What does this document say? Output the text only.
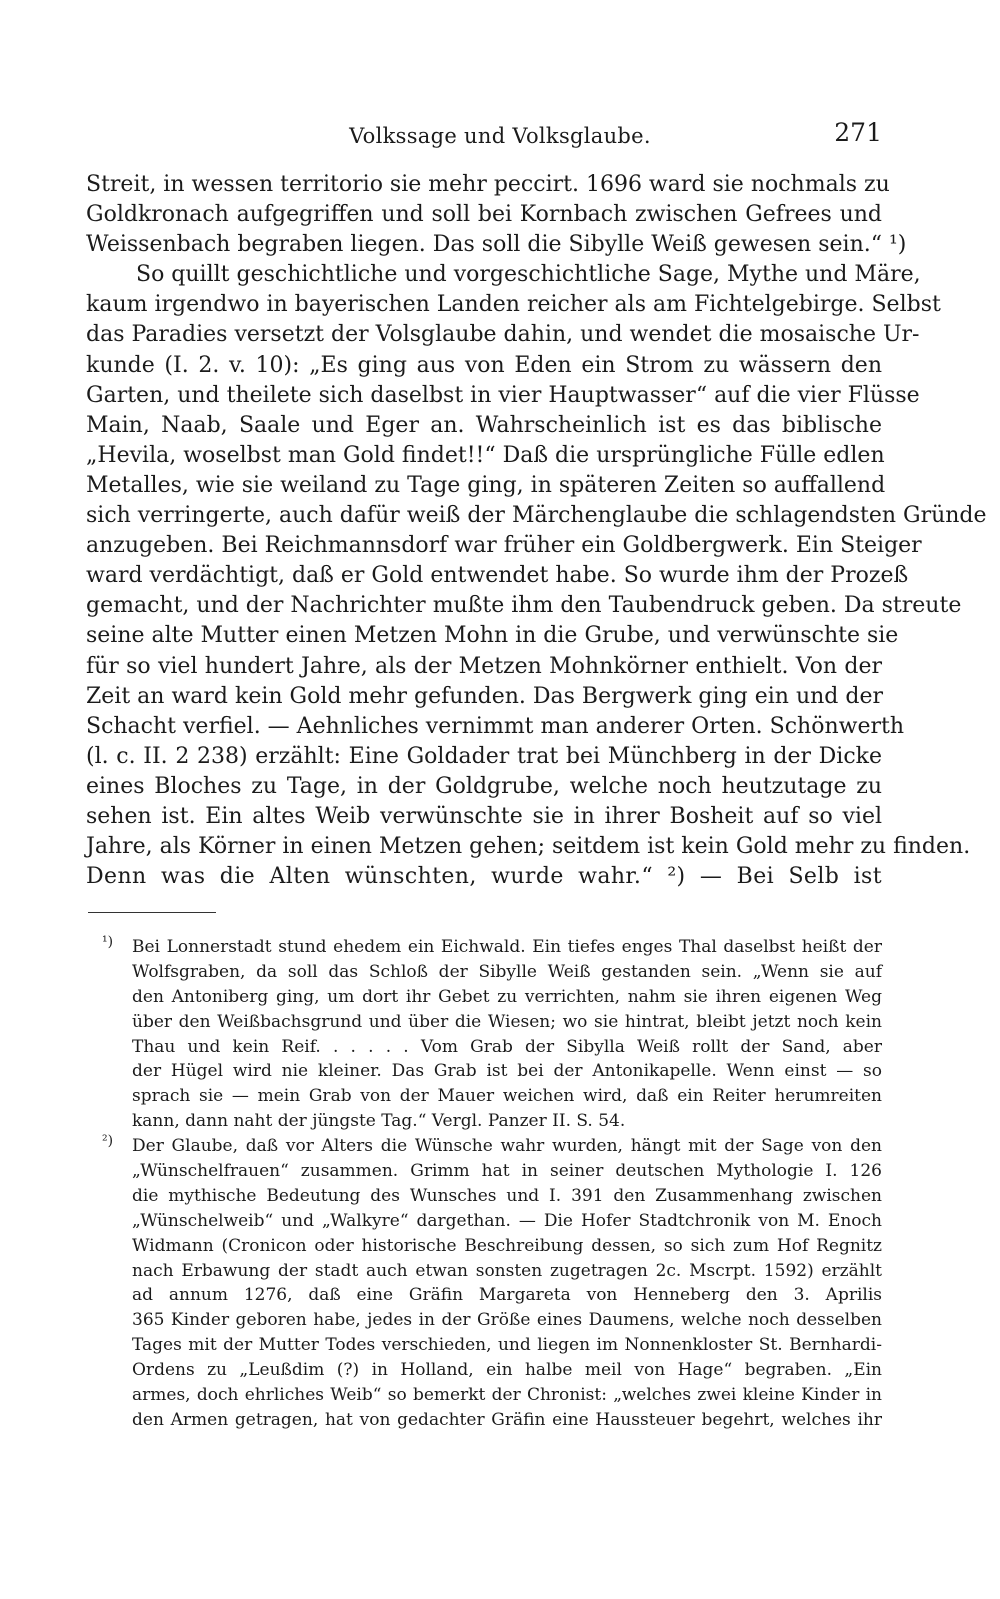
Volkssage und Volksglaube.	271
Streit, in wessen territorio sie mehr peccirt. 1696 ward sie nochmals zu
Goldkronach aufgegriffen und soll bei Kornbach zwischen Gefrees und
Weissenbach begraben liegen. Das soll die Sibylle Weiß gewesen sein.“ ¹)
So quillt geschichtliche und vorgeschichtliche Sage, Mythe und Märe,
kaum irgendwo in bayerischen Landen reicher als am Fichtelgebirge. Selbst
das Paradies versetzt der Volsglaube dahin, und wendet die mosaische Ur-
kunde (I. 2. v. 10): „Es ging aus von Eden ein Strom zu wässern den
Garten, und theilete sich daselbst in vier Hauptwasser“ auf die vier Flüsse
Main, Naab, Saale und Eger an. Wahrscheinlich ist es das biblische
„Hevila, woselbst man Gold findet!!“ Daß die ursprüngliche Fülle edlen
Metalles, wie sie weiland zu Tage ging, in späteren Zeiten so auffallend
sich verringerte, auch dafür weiß der Märchenglaube die schlagendsten Gründe
anzugeben. Bei Reichmannsdorf war früher ein Goldbergwerk. Ein Steiger
ward verdächtigt, daß er Gold entwendet habe. So wurde ihm der Prozeß
gemacht, und der Nachrichter mußte ihm den Taubendruck geben. Da streute
seine alte Mutter einen Metzen Mohn in die Grube, und verwünschte sie
für so viel hundert Jahre, als der Metzen Mohnkörner enthielt. Von der
Zeit an ward kein Gold mehr gefunden. Das Bergwerk ging ein und der
Schacht verfiel. — Aehnliches vernimmt man anderer Orten. Schönwerth
(l. c. II. 2 238) erzählt: Eine Goldader trat bei Münchberg in der Dicke
eines Bloches zu Tage, in der Goldgrube, welche noch heutzutage zu
sehen ist. Ein altes Weib verwünschte sie in ihrer Bosheit auf so viel
Jahre, als Körner in einen Metzen gehen; seitdem ist kein Gold mehr zu finden.
Denn was die Alten wünschten, wurde wahr.“ ²) — Bei Selb ist
¹) Bei Lonnerstadt stund ehedem ein Eichwald. Ein tiefes enges Thal daselbst heißt der
Wolfsgraben, da soll das Schloß der Sibylle Weiß gestanden sein. „Wenn sie auf
den Antoniberg ging, um dort ihr Gebet zu verrichten, nahm sie ihren eigenen Weg
über den Weißbachsgrund und über die Wiesen; wo sie hintrat, bleibt jetzt noch kein
Thau und kein Reif. . . . . . Vom Grab der Sibylla Weiß rollt der Sand, aber
der Hügel wird nie kleiner. Das Grab ist bei der Antonikapelle. Wenn einst — so
sprach sie — mein Grab von der Mauer weichen wird, daß ein Reiter herumreiten
kann, dann naht der jüngste Tag.“ Vergl. Panzer II. S. 54.
²) Der Glaube, daß vor Alters die Wünsche wahr wurden, hängt mit der Sage von den
„Wünschelfrauen“ zusammen. Grimm hat in seiner deutschen Mythologie I. 126
die mythische Bedeutung des Wunsches und I. 391 den Zusammenhang zwischen
„Wünschelweib“ und „Walkyre“ dargethan. — Die Hofer Stadtchronik von M. Enoch
Widmann (Cronicon oder historische Beschreibung dessen, so sich zum Hof Regnitz
nach Erbawung der stadt auch etwan sonsten zugetragen 2c. Mscrpt. 1592) erzählt
ad annum 1276, daß eine Gräfin Margareta von Henneberg den 3. Aprilis
365 Kinder geboren habe, jedes in der Größe eines Daumens, welche noch desselben
Tages mit der Mutter Todes verschieden, und liegen im Nonnenkloster St. Bernhardi-
Ordens zu „Leußdim (?) in Holland, ein halbe meil von Hage“ begraben. „Ein
armes, doch ehrliches Weib“ so bemerkt der Chronist: „welches zwei kleine Kinder in
den Armen getragen, hat von gedachter Gräfin eine Haussteuer begehrt, welches ihr
